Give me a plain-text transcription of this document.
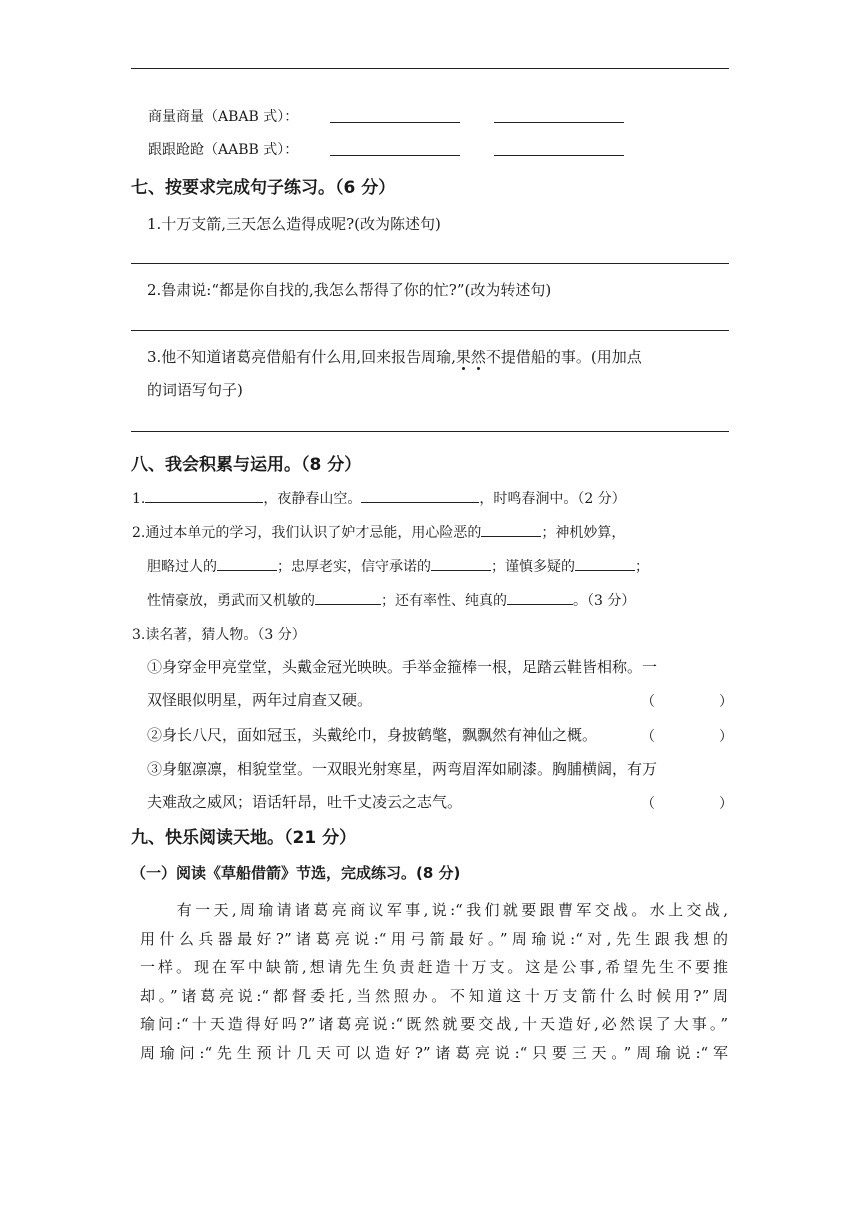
商量商量（ABAB 式）：
跟跟跄跄（AABB 式）：
七、按要求完成句子练习。（6 分）
1.十万支箭,三天怎么造得成呢?(改为陈述句)
2.鲁肃说:“都是你自找的,我怎么帮得了你的忙?”(改为转述句)
3.他不知道诸葛亮借船有什么用,回来报告周瑜,果然不提借船的事。(用加点
的词语写句子)
八、我会积累与运用。（8 分）
1.	，夜静春山空。	，时鸣春涧中。（2 分）
2.通过本单元的学习，我们认识了妒才忌能，用心险恶的	；神机妙算，
胆略过人的	；忠厚老实，信守承诺的	；谨慎多疑的	；
性情豪放，勇武而又机敏的	；还有率性、纯真的	。（3 分）
3.读名著，猜人物。（3 分）
①身穿金甲亮堂堂，头戴金冠光映映。手举金箍棒一根，足踏云鞋皆相称。一
双怪眼似明星，两年过肩查又硬。	（	）
②身长八尺，面如冠玉，头戴纶巾，身披鹤氅，飘飘然有神仙之概。	（	）
③身躯凛凛，相貌堂堂。一双眼光射寒星，两弯眉浑如刷漆。胸脯横阔，有万
夫难敌之威风；语话轩昂，吐千丈凌云之志气。	（	）
九、快乐阅读天地。（21 分）
（一）阅读《草船借箭》节选，完成练习。(8 分)
　　有一天,周瑜请诸葛亮商议军事,说:“我们就要跟曹军交战。水上交战,
用什么兵器最好?”诸葛亮说:“用弓箭最好。”周瑜说:“对,先生跟我想的
一样。现在军中缺箭,想请先生负责赶造十万支。这是公事,希望先生不要推
却。”诸葛亮说:“都督委托,当然照办。不知道这十万支箭什么时候用?”周
瑜问:“十天造得好吗?”诸葛亮说:“既然就要交战,十天造好,必然误了大事。”
周瑜问:“先生预计几天可以造好?”诸葛亮说:“只要三天。”周瑜说:“军
